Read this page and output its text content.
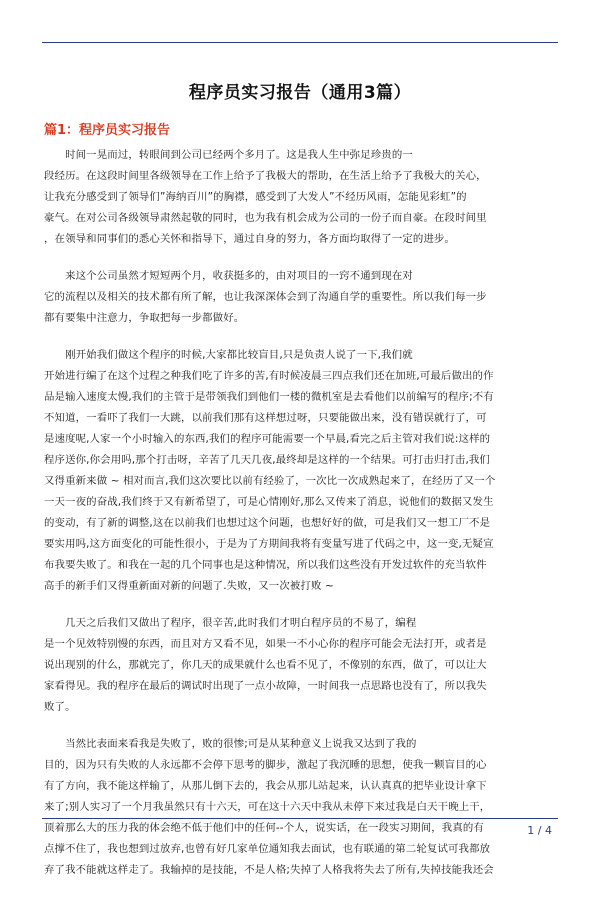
程序员实习报告（通用3篇）
篇1：程序员实习报告
　　时间一晃而过，转眼间到公司已经两个多月了。这是我人生中弥足珍贵的一
段经历。在这段时间里各级领导在工作上给予了我极大的帮助，在生活上给予了我极大的关心，
让我充分感受到了领导们”海纳百川”的胸襟，感受到了大发人”不经历风雨，怎能见彩虹”的
豪气。在对公司各级领导肃然起敬的同时，也为我有机会成为公司的一份子而自豪。在段时间里
，在领导和同事们的悉心关怀和指导下，通过自身的努力，各方面均取得了一定的进步。
　　来这个公司虽然才短短两个月，收获挺多的，由对项目的一窍不通到现在对
它的流程以及相关的技术都有所了解，也让我深深体会到了沟通自学的重要性。所以我们每一步
都有要集中注意力，争取把每一步都做好。
　　刚开始我们做这个程序的时候,大家都比较盲目,只是负责人说了一下,我们就
开始进行编了在这个过程之种我们吃了许多的苦,有时候凌晨三四点我们还在加班,可最后做出的作
品是输入速度太慢,我们的主管于是带领我们到他们一楼的微机室是去看他们以前编写的程序;不有
不知道，一看吓了我们一大跳，以前我们那有这样想过呀，只要能做出来，没有错误就行了，可
是速度呢,人家一个小时输入的东西,我们的程序可能需要一个早晨,看完之后主管对我们说:这样的
程序送你,你会用吗,那个打击呀，辛苦了几天几夜,最终却是这样的一个结果。可打击归打击,我们
又得重新来做 ~ 相对而言,我们这次要比以前有经验了，一次比一次成熟起来了，在经历了又一个
一天一夜的奋战,我们终于又有新希望了，可是心情刚好,那么又传来了消息，说他们的数据又发生
的变动，有了新的调整,这在以前我们也想过这个问题，也想好好的做，可是我们又一想工厂不是
要实用吗,这方面变化的可能性很小，于是为了方期间我将有变量写进了代码之中，这一变,无疑宣
布我要失败了。和我在一起的几个同事也是这种情况，所以我们这些没有开发过软件的充当软件
高手的新手们又得重新面对新的问题了.失败，又一次被打败 ~
　　几天之后我们又做出了程序，很辛苦,此时我们才明白程序员的不易了，编程
是一个见效特别慢的东西，而且对方又看不见，如果一不小心你的程序可能会无法打开，或者是
说出现别的什么，那就完了，你几天的成果就什么也看不见了，不像别的东西，做了，可以让大
家看得见。我的程序在最后的调试时出现了一点小故障，一时间我一点思路也没有了，所以我失
败了。
　　当然比表面来看我是失败了，败的很惨;可是从某种意义上说我又达到了我的
目的，因为只有失败的人永远都不会停下思考的脚步，激起了我沉睡的思想，使我一颗盲目的心
有了方向，我不能这样输了，从那儿倒下去的，我会从那儿站起来，认认真真的把毕业设计拿下
来了;别人实习了一个月我虽然只有十六天，可在这十六天中我从未停下来过我是白天干晚上干，
顶着那么大的压力我的体会绝不低于他们中的任何--个人，说实话，在一段实习期间，我真的有
点撑不住了，我也想到过放弃,也曾有好几家单位通知我去面试，也有联通的第二轮复试可我都放
弃了我不能就这样走了。我输掉的是技能，不是人格;失掉了人格我将失去了所有,失掉技能我还会
1 / 4
